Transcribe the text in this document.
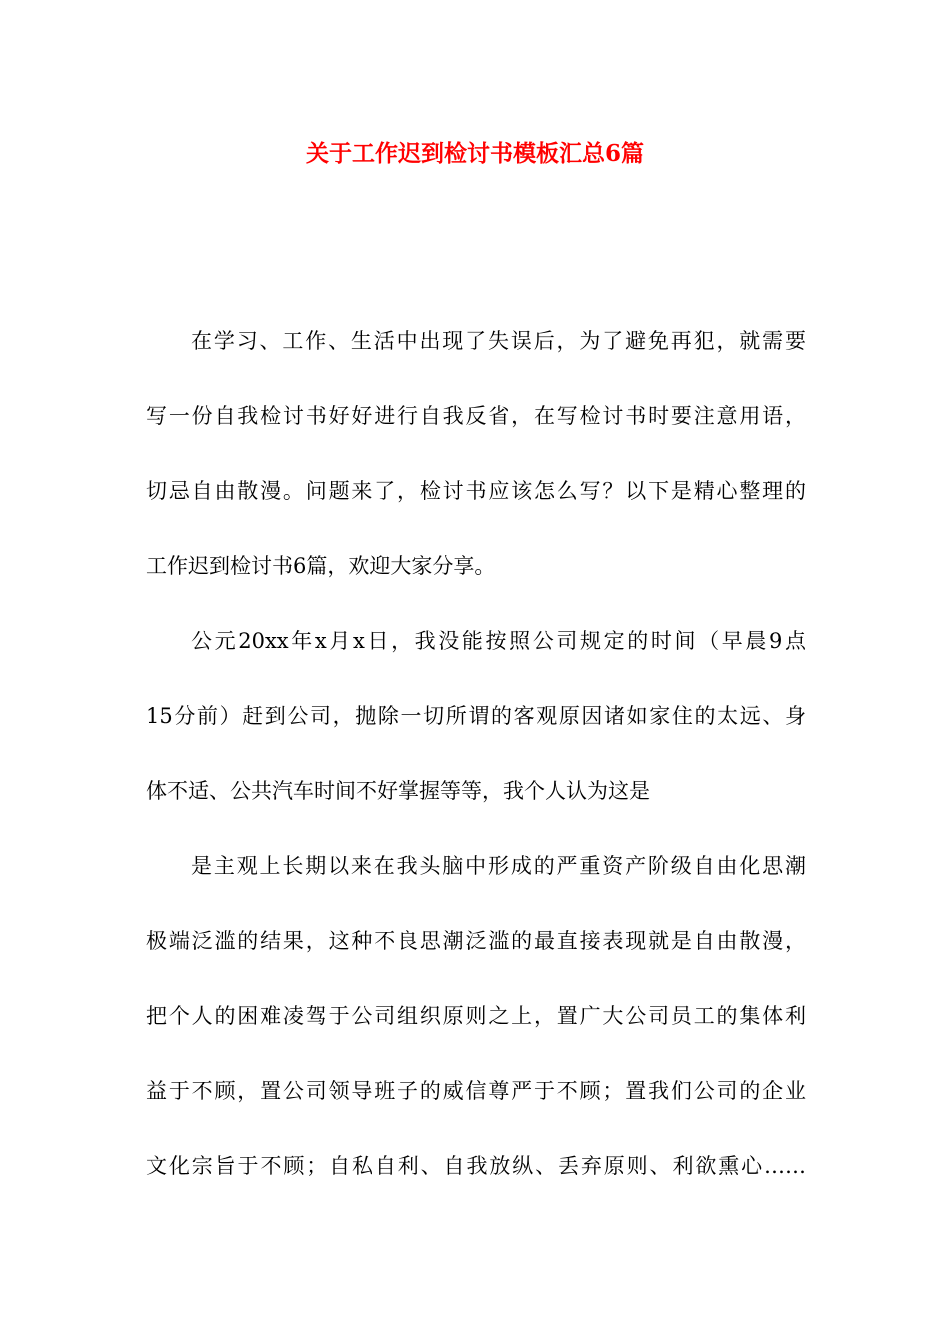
关于工作迟到检讨书模板汇总6篇
在学习、工作、生活中出现了失误后，为了避免再犯，就需要
写一份自我检讨书好好进行自我反省，在写检讨书时要注意用语，
切忌自由散漫。问题来了，检讨书应该怎么写？以下是精心整理的
工作迟到检讨书6篇，欢迎大家分享。
公元20xx年x月x日，我没能按照公司规定的时间（早晨9点
15分前）赶到公司，抛除一切所谓的客观原因诸如家住的太远、身
体不适、公共汽车时间不好掌握等等，我个人认为这是
是主观上长期以来在我头脑中形成的严重资产阶级自由化思潮
极端泛滥的结果，这种不良思潮泛滥的最直接表现就是自由散漫，
把个人的困难凌驾于公司组织原则之上，置广大公司员工的集体利
益于不顾，置公司领导班子的威信尊严于不顾；置我们公司的企业
文化宗旨于不顾；自私自利、自我放纵、丢弃原则、利欲熏心……
